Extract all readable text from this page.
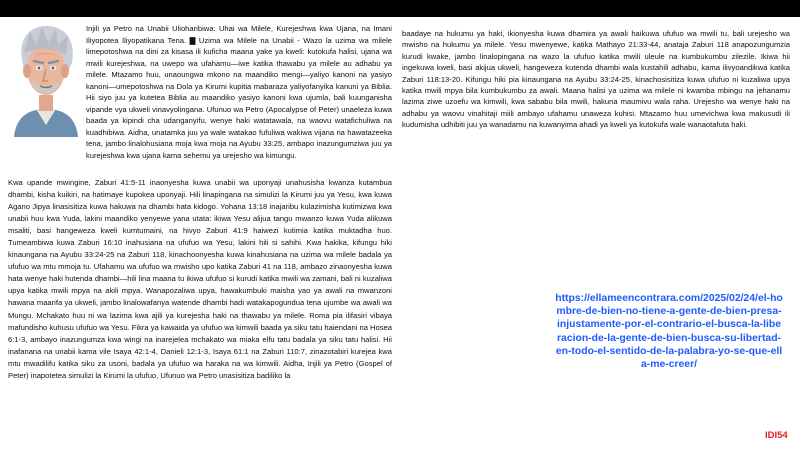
Injili ya Petro na Unabii Ulioharibiwa: Uhai wa Milele, Kurejeshwa kwa Ujana, na Imani Iliyopotea Iliyopatikana Tena. ▇ Uzima wa Milele na Unabii - Wazo la uzima wa milele limepotoshwa na dini za kisasa ili kuficha maana yake ya kweli: kutokufa halisi, ujana wa mwili kurejeshwa, na uwepo wa ufahamu—iwe katika thawabu ya milele au adhabu ya milele. Mtazamo huu, unaoungwa mkono na maandiko mengi—yaliyo kanoni na yasiyo kanoni—umepotoshwa na Dola ya Kirumi kupitia mabaraza yaliyofanyika kanuni ya Biblia. Hii siyo juu ya kutetea Biblia au maandiko yasiyo kanoni kwa ujumla, bali kuunganisha vipande vya ukweli vinavyolingana. Ufunuo wa Petro (Apocalypse of Peter) unaeleza kuwa baada ya kipindi cha udanganyifu, wenye haki watatawala, na waovu watafichuliwa na kuadhibiwa. Aidha, unatamka juu ya wale watakao fufuliwa wakiwa vijana na hawatazeeka tena, jambo linalohusiana moja kwa moja na Ayubu 33:25, ambapo inazungumziwa juu ya kurejeshwa kwa ujana kama sehemu ya urejesho wa kimungu.

Kwa upande mwingine, Zaburi 41:5-11 inaonyesha kuwa unabii wa uponyaji unahusisha kwanza kutambua dhambi, kisha kuikiri, na hatimaye kupokea uponyaji. Hili linapingana na simulizi la Kirumi juu ya Yesu, kwa kuwa Agano Jipya linasisitiza kuwa hakuwa na dhambi hata kidogo. Yohana 13:18 inajaribu kulazimisha kutimizwa kwa unabii huu kwa Yuda, lakini maandiko yenyewe yana utata: ikiwa Yesu alijua tangu mwanzo kuwa Yuda alikuwa msaliti, basi hangeweza kweli kumtumaini, na hivyo Zaburi 41:9 haiwezi kutimia katika muktadha huo. Tumeambiwa kuwa Zaburi 16:10 inahusiana na ufufuo wa Yesu, lakini hili si sahihi. Kwa hakika, kifungu hiki kinaungana na Ayubu 33:24-25 na Zaburi 118, kinachoonyesha kuwa kinahusiana na uzima wa milele badala ya ufufuo wa mtu mmoja tu. Ufahamu wa ufufuo wa mwisho upo katika Zaburi 41 na 118, ambazo zinaonyesha kuwa hata wenye haki hutenda dhambi—hili lina maana tu ikiwa ufufuo si kurudi katika mwili wa zamani, bali ni kuzaliwa upya katika mwili mpya na akili mpya. Wanapozaliwa upya, hawakumbuki maisha yao ya awali na mwanzoni hawana maarifa ya ukweli, jambo linalowafanya watende dhambi hadi watakapogundua tena ujumbe wa awali wa Mungu. Mchakato huu ni wa lazima kwa ajili ya kurejesha haki na thawabu ya milele. Roma pia ilifasiri vibaya mafundisho kuhusu ufufuo wa Yesu. Fikra ya kawaida ya ufufuo wa kimwili baada ya siku tatu haiendani na Hosea 6:1-3, ambayo inazungumza kwa wingi na inarejelea mchakato wa miaka elfu tatu badala ya siku tatu halisi. Hii inafanana na unabii kama vile Isaya 42:1-4, Danieli 12:1-3, Isaya 61:1 na Zaburi 110:7, zinazotabiri kurejea kwa mtu mwadilifu katika siku za usoni, badala ya ufufuo wa haraka na wa kimwili. Aidha, Injili ya Petro (Gospel of Peter) inapotetea simulizi la Kirumi la ufufuo, Ufunuo wa Petro unasisitiza badiliko la

baadaye na hukumu ya haki, ikionyesha kuwa dhamira ya awali haikuwa ufufuo wa mwili tu, bali urejesho wa mwisho na hukumu ya milele. Yesu mwenyewe, katika Mathayo 21:33-44, anataja Zaburi 118 anapozungumzia kurudi kwake, jambo linalopingana na wazo la ufufuo katika mwili uleule na kumbukumbu zilezile. Ikiwa hii ingekuwa kweli, basi akijua ukweli, hangeweza kutenda dhambi wala kustahili adhabu, kama ilivyoandikwa katika Zaburi 118:13-20. Kifungu hiki pia kinaungana na Ayubu 33:24-25, kinachosisitiza kuwa ufufuo ni kuzaliwa upya katika mwili mpya bila kumbukumbu za awali. Maana halisi ya uzima wa milele ni kwamba mbingu na jehanamu lazima ziwe uzoefu wa kimwili, kwa sababu bila mwili, hakuna maumivu wala raha. Urejesho wa wenye haki na adhabu ya waovu vinahitaji miili ambayo ufahamu unaweza kuhisi. Mtazamo huu umevichwa kwa makusudi ili kudumisha udhibiti juu ya wanadamu na kuwanyima ahadi ya kweli ya kutokufa wale wanaotafuta haki.

https://ellameencontrara.com/2025/02/24/el-hombre-de-bien-no-tiene-a-gente-de-bien-presa-injustamente-por-el-contrario-el-busca-la-liberacion-de-la-gente-de-bien-busca-su-libertad-en-todo-el-sentido-de-la-palabra-yo-se-que-ella-me-creer/
IDI54
